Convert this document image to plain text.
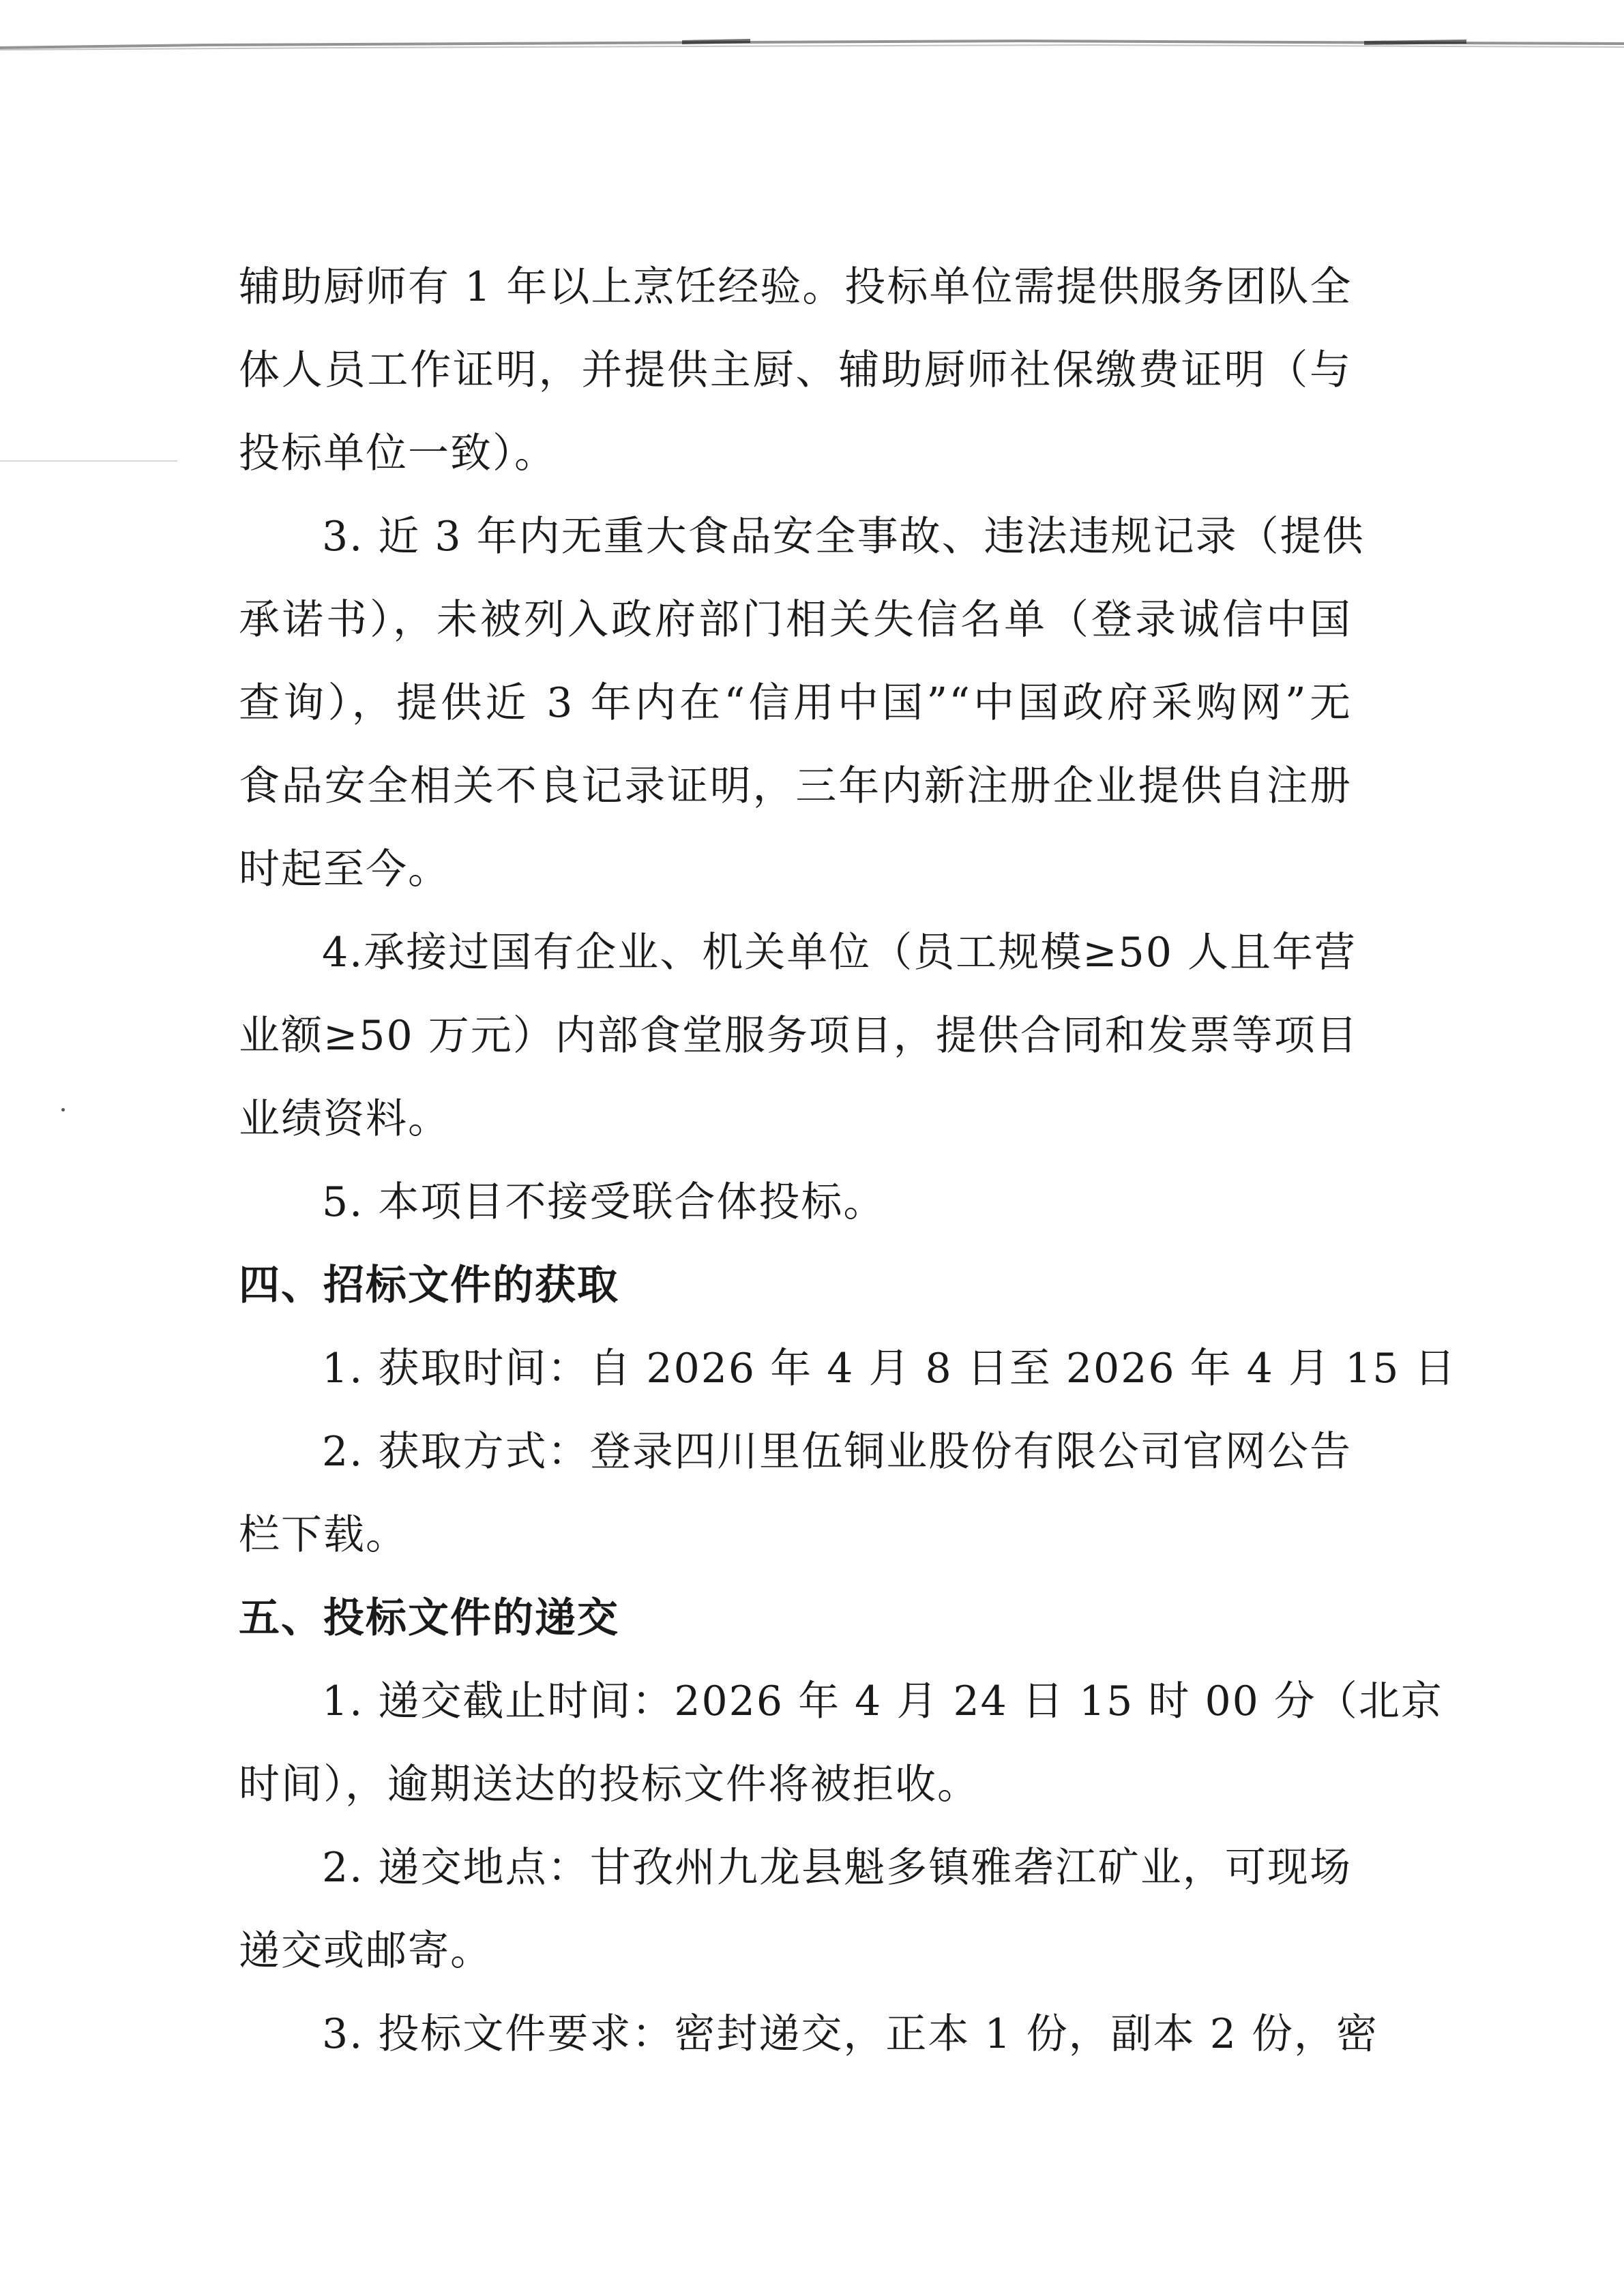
辅助厨师有 1 年以上烹饪经验。投标单位需提供服务团队全
体人员工作证明，并提供主厨、辅助厨师社保缴费证明（与
投标单位一致）。
3. 近 3 年内无重大食品安全事故、违法违规记录（提供
承诺书），未被列入政府部门相关失信名单（登录诚信中国
查询），提供近 3 年内在“信用中国”“中国政府采购网”无
食品安全相关不良记录证明，三年内新注册企业提供自注册
时起至今。
4.承接过国有企业、机关单位（员工规模≥50 人且年营
业额≥50 万元）内部食堂服务项目，提供合同和发票等项目
业绩资料。
5. 本项目不接受联合体投标。
四、招标文件的获取
1. 获取时间：自 2026 年 4 月 8 日至 2026 年 4 月 15 日
2. 获取方式：登录四川里伍铜业股份有限公司官网公告
栏下载。
五、投标文件的递交
1. 递交截止时间：2026 年 4 月 24 日 15 时 00 分（北京
时间），逾期送达的投标文件将被拒收。
2. 递交地点：甘孜州九龙县魁多镇雅砻江矿业，可现场
递交或邮寄。
3. 投标文件要求：密封递交，正本 1 份，副本 2 份，密
